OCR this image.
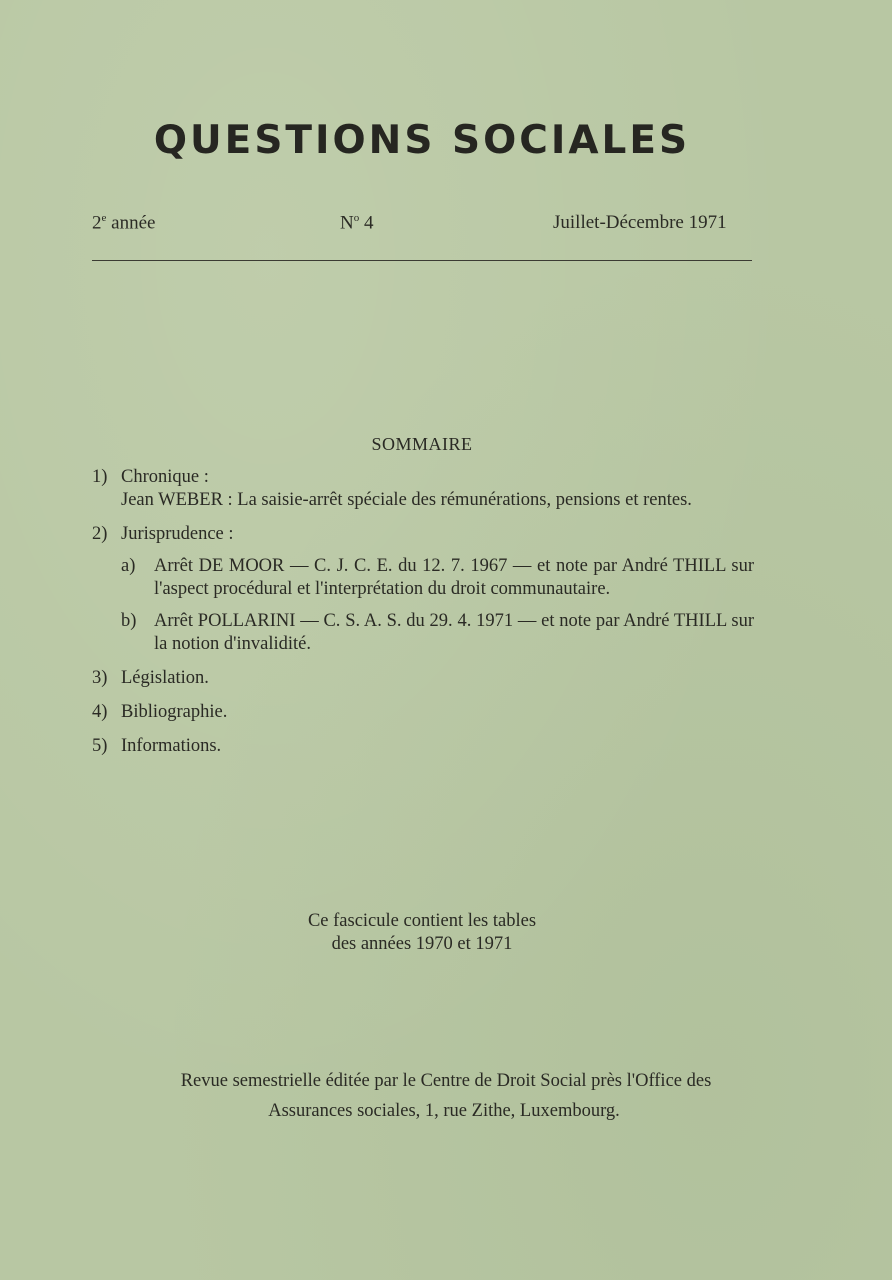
QUESTIONS SOCIALES
2e année	$N^o$ 4	Juillet-Décembre 1971
SOMMAIRE
1) Chronique :
Jean WEBER : La saisie-arrêt spéciale des rémunérations, pensions et rentes.
2) Jurisprudence :
a) Arrêt DE MOOR — C. J. C. E. du 12. 7. 1967 — et note par André THILL sur l'aspect procédural et l'interprétation du droit communautaire.
b) Arrêt POLLARINI — C. S. A. S. du 29. 4. 1971 — et note par André THILL sur la notion d'invalidité.
3) Législation.
4) Bibliographie.
5) Informations.
Ce fascicule contient les tables
des années 1970 et 1971
Revue semestrielle éditée par le Centre de Droit Social près l'Office des
Assurances sociales, 1, rue Zithe, Luxembourg.
